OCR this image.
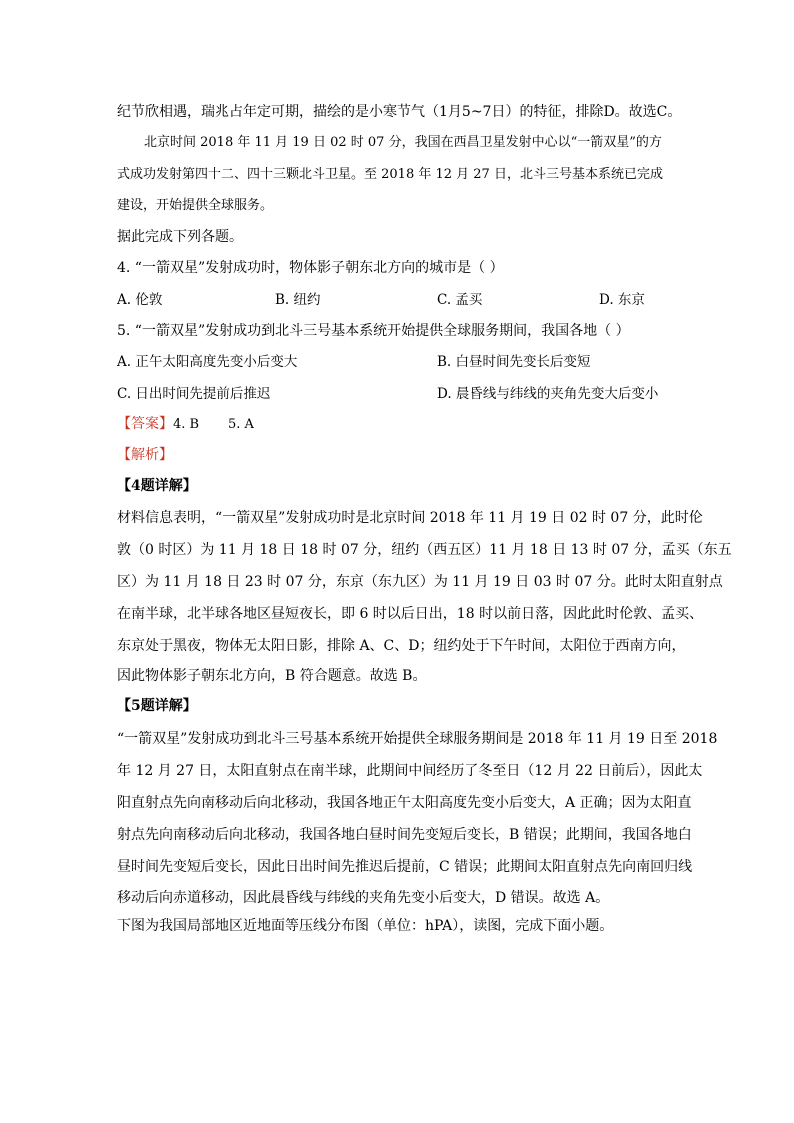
纪节欣相遇，瑞兆占年定可期，描绘的是小寒节气（1月5~7日）的特征，排除D。故选C。
北京时间 2018 年 11 月 19 日 02 时 07 分，我国在西昌卫星发射中心以“一箭双星”的方
式成功发射第四十二、四十三颗北斗卫星。至 2018 年 12 月 27 日，北斗三号基本系统已完成
建设，开始提供全球服务。
据此完成下列各题。
4. “一箭双星”发射成功时，物体影子朝东北方向的城市是（ ）
A. 伦敦	B. 纽约	C. 孟买	D. 东京
5. “一箭双星”发射成功到北斗三号基本系统开始提供全球服务期间，我国各地（ ）
A. 正午太阳高度先变小后变大	B. 白昼时间先变长后变短
C. 日出时间先提前后推迟	D. 晨昏线与纬线的夹角先变大后变小
【答案】4. B       5. A
【解析】
【4题详解】
材料信息表明，“一箭双星”发射成功时是北京时间 2018 年 11 月 19 日 02 时 07 分，此时伦
敦（0 时区）为 11 月 18 日 18 时 07 分，纽约（西五区）11 月 18 日 13 时 07 分，孟买（东五
区）为 11 月 18 日 23 时 07 分，东京（东九区）为 11 月 19 日 03 时 07 分。此时太阳直射点
在南半球，北半球各地区昼短夜长，即 6 时以后日出，18 时以前日落，因此此时伦敦、孟买、
东京处于黑夜，物体无太阳日影，排除 A、C、D；纽约处于下午时间，太阳位于西南方向，
因此物体影子朝东北方向，B 符合题意。故选 B。
【5题详解】
“一箭双星”发射成功到北斗三号基本系统开始提供全球服务期间是 2018 年 11 月 19 日至 2018
年 12 月 27 日，太阳直射点在南半球，此期间中间经历了冬至日（12 月 22 日前后），因此太
阳直射点先向南移动后向北移动，我国各地正午太阳高度先变小后变大，A 正确；因为太阳直
射点先向南移动后向北移动，我国各地白昼时间先变短后变长，B 错误；此期间，我国各地白
昼时间先变短后变长，因此日出时间先推迟后提前，C 错误；此期间太阳直射点先向南回归线
移动后向赤道移动，因此晨昏线与纬线的夹角先变小后变大，D 错误。故选 A。
下图为我国局部地区近地面等压线分布图（单位：hPA），读图，完成下面小题。
